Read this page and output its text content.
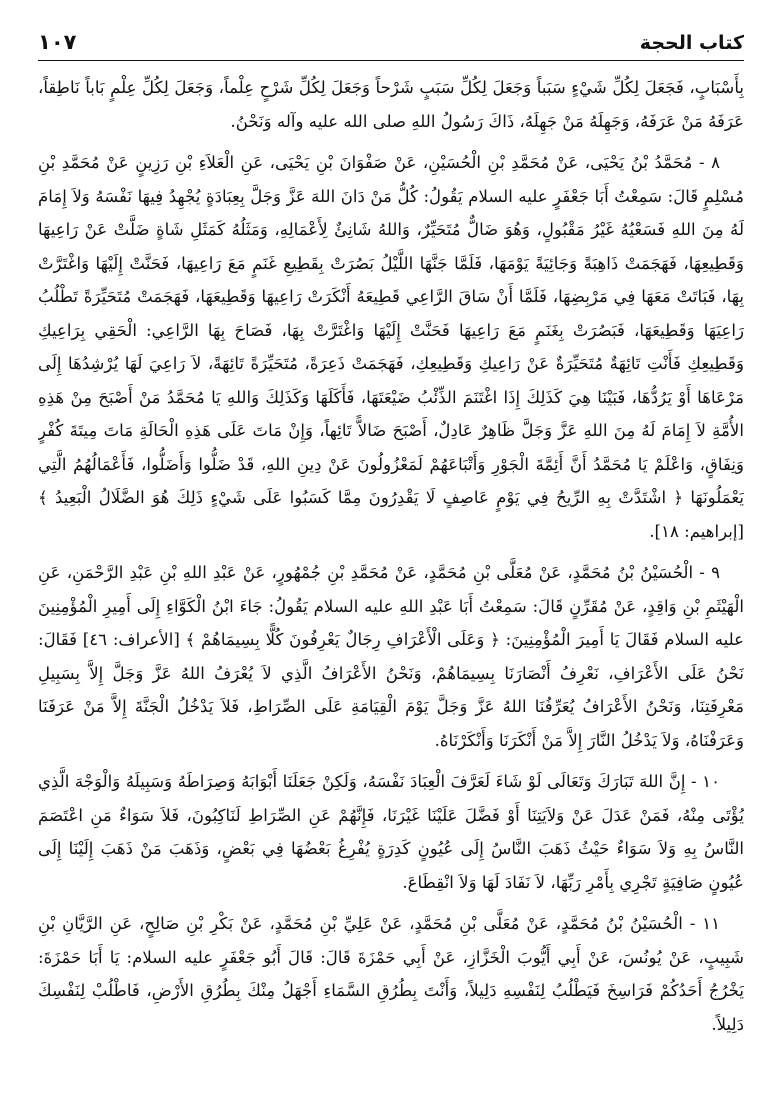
كتاب الحجة
١٠٧

بِأَسْبَابٍ، فَجَعَلَ لِكُلِّ شَيْءٍ سَبَباً وَجَعَلَ لِكُلِّ سَبَبٍ شَرْحاً وَجَعَلَ لِكُلِّ شَرْحٍ عِلْماً، وَجَعَلَ لِكُلِّ عِلْمٍ بَاباً نَاطِقاً، عَرَفَهُ مَنْ عَرَفَهُ، وَجَهِلَهُ مَنْ جَهِلَهُ، ذَاكَ رَسُولُ اللهِ صلى الله عليه وآله وَنَحْنُ.

٨ - مُحَمَّدُ بْنُ يَحْيَى، عَنْ مُحَمَّدِ بْنِ الْحُسَيْنِ، عَنْ صَفْوَانَ بْنِ يَحْيَى، عَنِ الْعَلاَءِ بْنِ رَزِينٍ عَنْ مُحَمَّدِ بْنِ مُسْلِمٍ قَالَ: سَمِعْتُ أَبَا جَعْفَرٍ عليه السلام يَقُولُ: كُلُّ مَنْ دَانَ اللهَ عَزَّ وَجَلَّ بِعِبَادَةٍ يُجْهِدُ فِيهَا نَفْسَهُ وَلاَ إِمَامَ لَهُ مِنَ اللهِ فَسَعْيُهُ غَيْرُ مَقْبُولٍ، وَهُوَ ضَالٌّ مُتَحَيِّرٌ، وَاللهُ شَانِئٌ لِأَعْمَالِهِ، وَمَثَلُهُ كَمَثَلِ شَاةٍ ضَلَّتْ عَنْ رَاعِيهَا وَقَطِيعِهَا، فَهَجَمَتْ ذَاهِبَةً وَجَائِيَةً يَوْمَهَا، فَلَمَّا جَنَّهَا اللَّيْلُ بَصُرَتْ بِقَطِيعِ غَنَمٍ مَعَ رَاعِيهَا، فَحَنَّتْ إِلَيْهَا وَاغْتَرَّتْ بِهَا، فَبَاتَتْ مَعَهَا فِي مَرْبِضِهَا، فَلَمَّا أَنْ سَاقَ الرَّاعِي قَطِيعَهُ أَنْكَرَتْ رَاعِيهَا وَقَطِيعَهَا، فَهَجَمَتْ مُتَحَيِّرَةً تَطْلُبُ رَاعِيَهَا وَقَطِيعَهَا، فَبَصُرَتْ بِغَنَمٍ مَعَ رَاعِيهَا فَحَنَّتْ إِلَيْهَا وَاغْتَرَّتْ بِهَا، فَصَاحَ بِهَا الرَّاعِي: الْحَقِي بِرَاعِيكِ وَقَطِيعِكِ فَأَنْتِ تَائِهَةٌ مُتَحَيِّرَةٌ عَنْ رَاعِيكِ وَقَطِيعِكِ، فَهَجَمَتْ ذَعِرَةً، مُتَحَيِّرَةً تَائِهَةً، لاَ رَاعِيَ لَهَا يُرْشِدُهَا إِلَى مَرْعَاهَا أَوْ يَرُدُّهَا، فَبَيْنَا هِيَ كَذَلِكَ إِذَا اغْتَنَمَ الذِّئْبُ ضَيْعَتَهَا، فَأَكَلَهَا وَكَذَلِكَ وَاللهِ يَا مُحَمَّدُ مَنْ أَصْبَحَ مِنْ هَذِهِ الأُمَّةِ لاَ إِمَامَ لَهُ مِنَ اللهِ عَزَّ وَجَلَّ ظَاهِرٌ عَادِلٌ، أَصْبَحَ ضَالاًّ تَائِهاً، وَإِنْ مَاتَ عَلَى هَذِهِ الْحَالَةِ مَاتَ مِيتَةَ كُفْرٍ وَنِفَاقٍ، وَاعْلَمْ يَا مُحَمَّدُ أَنَّ أَئِمَّةَ الْجَوْرِ وَأَتْبَاعَهُمْ لَمَعْزُولُونَ عَنْ دِينِ اللهِ، قَدْ ضَلُّوا وَأَضَلُّوا، فَأَعْمَالُهُمُ الَّتِي يَعْمَلُونَهَا ﴿ اشْتَدَّتْ بِهِ الرِّيحُ فِي يَوْمٍ عَاصِفٍ لَا يَقْدِرُونَ مِمَّا كَسَبُوا عَلَى شَيْءٍ ذَلِكَ هُوَ الضَّلَالُ الْبَعِيدُ ﴾ [إبراهيم: ١٨].

٩ - الْحُسَيْنُ بْنُ مُحَمَّدٍ، عَنْ مُعَلَّى بْنِ مُحَمَّدٍ، عَنْ مُحَمَّدِ بْنِ جُمْهُورٍ، عَنْ عَبْدِ اللهِ بْنِ عَبْدِ الرَّحْمَنِ، عَنِ الْهَيْثَمِ بْنِ وَاقِدٍ، عَنْ مُقَرِّنٍ قَالَ: سَمِعْتُ أَبَا عَبْدِ اللهِ عليه السلام يَقُولُ: جَاءَ ابْنُ الْكَوَّاءِ إِلَى أَمِيرِ الْمُؤْمِنِينَ عليه السلام فَقَالَ يَا أَمِيرَ الْمُؤْمِنِينَ: ﴿ وَعَلَى الْأَعْرَافِ رِجَالٌ يَعْرِفُونَ كُلًّا بِسِيمَاهُمْ ﴾ [الأعراف: ٤٦] فَقَالَ: نَحْنُ عَلَى الأَعْرَافِ، نَعْرِفُ أَنْصَارَنَا بِسِيمَاهُمْ، وَنَحْنُ الأَعْرَافُ الَّذِي لاَ يُعْرَفُ اللهُ عَزَّ وَجَلَّ إِلاَّ بِسَبِيلِ مَعْرِفَتِنَا، وَنَحْنُ الأَعْرَافُ يُعَرِّفُنَا اللهُ عَزَّ وَجَلَّ يَوْمَ الْقِيَامَةِ عَلَى الصِّرَاطِ، فَلاَ يَدْخُلُ الْجَنَّةَ إِلاَّ مَنْ عَرَفَنَا وَعَرَفْنَاهُ، وَلاَ يَدْخُلُ النَّارَ إِلاَّ مَنْ أَنْكَرَنَا وَأَنْكَرْنَاهُ.

١٠ - إِنَّ اللهَ تَبَارَكَ وَتَعَالَى لَوْ شَاءَ لَعَرَّفَ الْعِبَادَ نَفْسَهُ، وَلَكِنْ جَعَلَنَا أَبْوَابَهُ وَصِرَاطَهُ وَسَبِيلَهُ وَالْوَجْهَ الَّذِي يُؤْتَى مِنْهُ، فَمَنْ عَدَلَ عَنْ وَلاَيَتِنَا أَوْ فَضَّلَ عَلَيْنَا غَيْرَنَا، فَإِنَّهُمْ عَنِ الصِّرَاطِ لَنَاكِبُونَ، فَلاَ سَوَاءٌ مَنِ اعْتَصَمَ النَّاسُ بِهِ وَلاَ سَوَاءٌ حَيْثُ ذَهَبَ النَّاسُ إِلَى عُيُونٍ كَدِرَةٍ يُفْرِغُ بَعْضُهَا فِي بَعْضٍ، وَذَهَبَ مَنْ ذَهَبَ إِلَيْنَا إِلَى عُيُونٍ صَافِيَةٍ تَجْرِي بِأَمْرِ رَبِّهَا، لاَ نَفَادَ لَهَا وَلاَ انْقِطَاعَ.

١١ - الْحُسَيْنُ بْنُ مُحَمَّدٍ، عَنْ مُعَلَّى بْنِ مُحَمَّدٍ، عَنْ عَلِيِّ بْنِ مُحَمَّدٍ، عَنْ بَكْرِ بْنِ صَالِحٍ، عَنِ الرَّيَّانِ بْنِ شَبِيبٍ، عَنْ يُونُسَ، عَنْ أَبِي أَيُّوبَ الْخَزَّازِ، عَنْ أَبِي حَمْزَةَ قَالَ: قَالَ أَبُو جَعْفَرٍ عليه السلام: يَا أَبَا حَمْزَةَ: يَخْرُجُ أَحَدُكُمْ فَرَاسِخَ فَيَطْلُبُ لِنَفْسِهِ دَلِيلاً، وَأَنْتَ بِطُرُقِ السَّمَاءِ أَجْهَلُ مِنْكَ بِطُرُقِ الأَرْضِ، فَاطْلُبْ لِنَفْسِكَ دَلِيلاً.
